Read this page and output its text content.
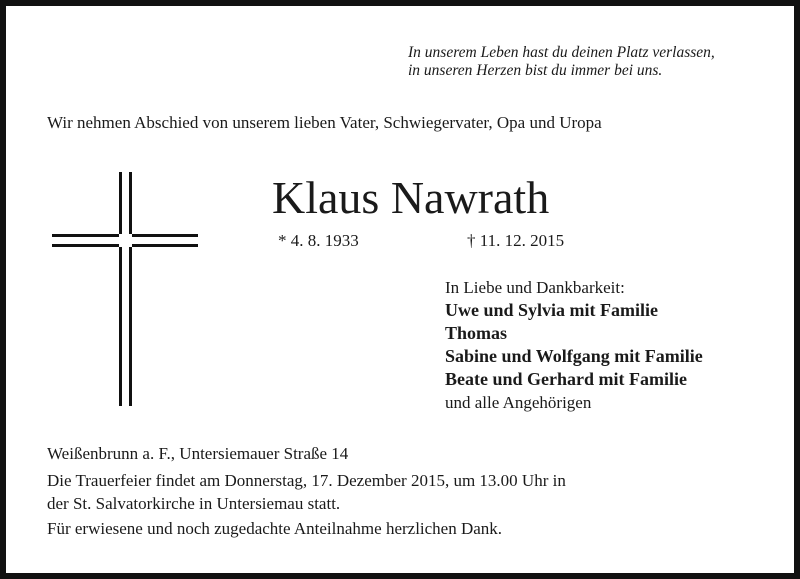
In unserem Leben hast du deinen Platz verlassen,
in unseren Herzen bist du immer bei uns.
Wir nehmen Abschied von unserem lieben Vater, Schwiegervater, Opa und Uropa
Klaus Nawrath
* 4. 8. 1933	† 11. 12. 2015
In Liebe und Dankbarkeit:
Uwe und Sylvia mit Familie
Thomas
Sabine und Wolfgang mit Familie
Beate und Gerhard mit Familie
und alle Angehörigen
Weißenbrunn a. F., Untersiemauer Straße 14
Die Trauerfeier findet am Donnerstag, 17. Dezember 2015, um 13.00 Uhr in
der St. Salvatorkirche in Untersiemau statt.
Für erwiesene und noch zugedachte Anteilnahme herzlichen Dank.
